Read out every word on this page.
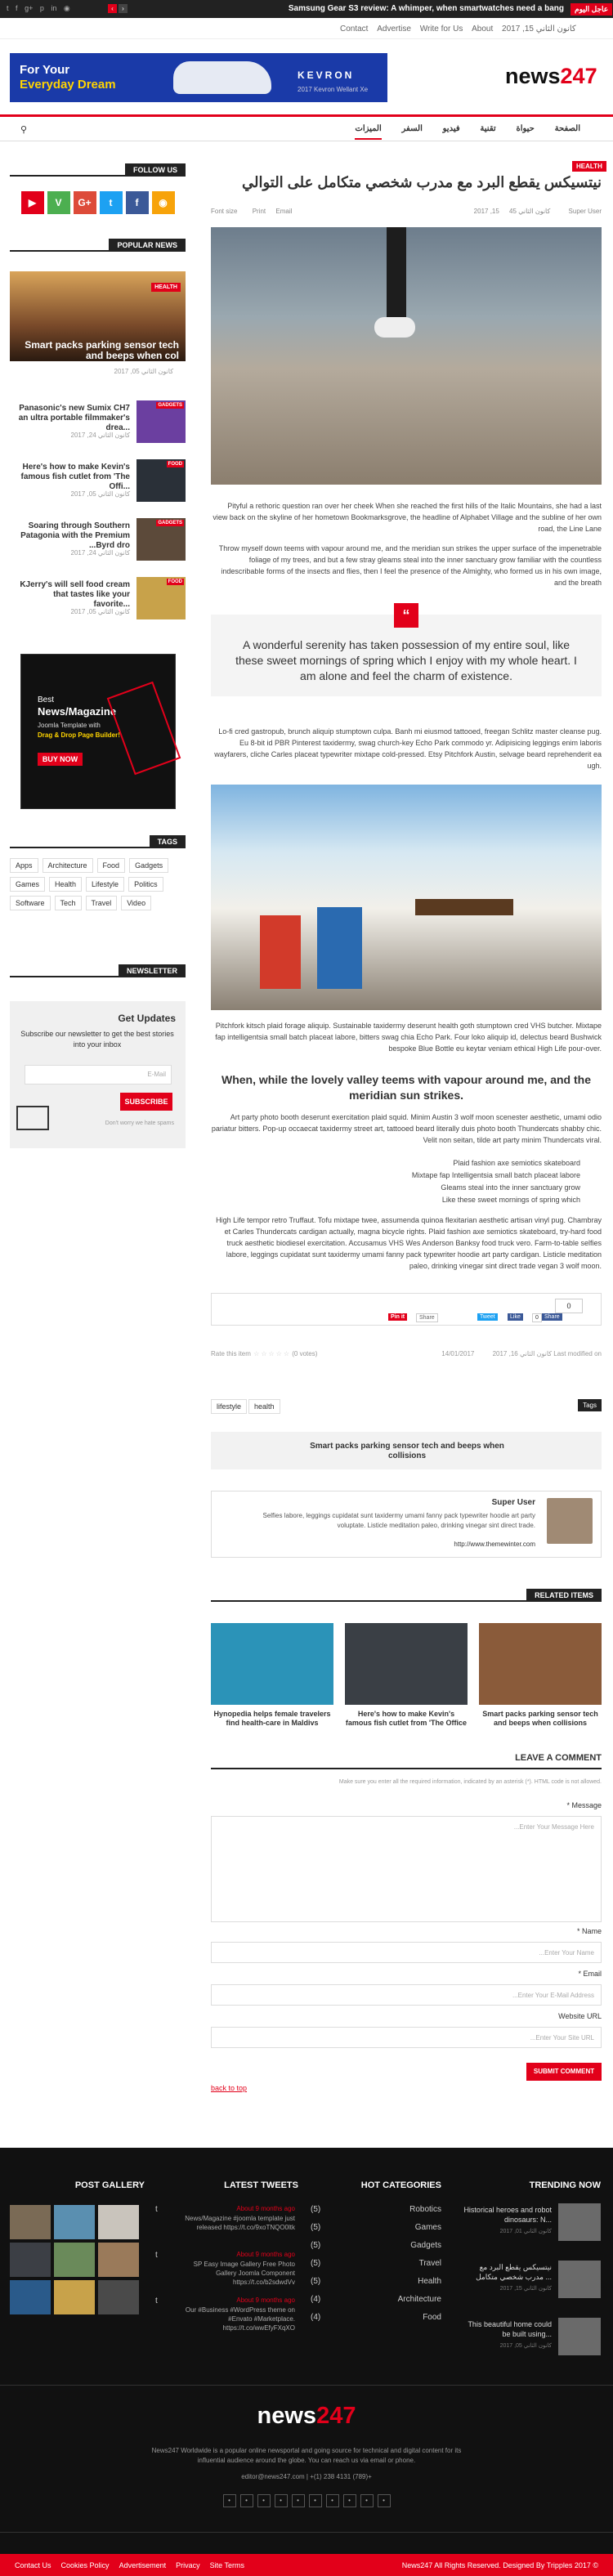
t f g+ p in ◉	‹	›	Samsung Gear S3 review: A whimper, when smartwatches need a bang	عاجل اليوم
Contact Advertise Write for Us About 2017 ,15 كانون الثاني
For Your
Everyday Dream
KEVRON
2017 Kevron Wellant Xe
news247
الصفحة حيواة تقنية فيديو السفر الميزات
⚲
FOLLOW US
▶	V	G+	t	f	◉
POPULAR NEWS
HEALTH
Smart packs parking sensor tech and beeps when col
2017 ,05 كانون الثاني
GADGETS
Panasonic's new Sumix CH7 an ultra portable filmmaker's drea...
2017 ,24 كانون الثاني
FOOD
Here's how to make Kevin's famous fish cutlet from 'The Offi...
2017 ,05 كانون الثاني
GADGETS
Soaring through Southern Patagonia with the Premium ...Byrd dro
2017 ,24 كانون الثاني
FOOD
KJerry's will sell food cream that tastes like your favorite...
2017 ,05 كانون الثاني
Best
News/Magazine
Joomla Template with
Drag & Drop Page Builder!
BUY NOW
TAGS
Apps	Architecture	Food	Gadgets
Games	Health	Lifestyle	Politics
Software	Tech	Travel	Video
NEWSLETTER
Get Updates
Subscribe our newsletter to get the best stories into your inbox
E-Mail
SUBSCRIBE
Don't worry we hate spams
HEALTH
نيتسيكس يقطع البرد مع مدرب شخصي متكامل على التوالي
Font size Print Email	2017 ,15 كانون الثاني 45	Super User
Pityful a rethoric question ran over her cheek When she reached the first hills of the Italic Mountains, she had a last view back on the skyline of her hometown Bookmarksgrove, the headline of Alphabet Village and the subline of her own road, the Line Lane
Throw myself down teems with vapour around me, and the meridian sun strikes the upper surface of the impenetrable foliage of my trees, and but a few stray gleams steal into the inner sanctuary grow familiar with the countless indescribable forms of the insects and flies, then I feel the presence of the Almighty, who formed us in his own image, and the breath
“
A wonderful serenity has taken possession of my entire soul, like these sweet mornings of spring which I enjoy with my whole heart. I am alone and feel the charm of existence.
Lo-fi cred gastropub, brunch aliquip stumptown culpa. Banh mi eiusmod tattooed, freegan Schlitz master cleanse pug. Eu 8-bit id PBR Pinterest taxidermy, swag church-key Echo Park commodo yr. Adipisicing leggings enim laboris wayfarers, cliche Carles placeat typewriter mixtape cold-pressed. Etsy Pitchfork Austin, selvage beard reprehenderit ea ugh.
Pitchfork kitsch plaid forage aliquip. Sustainable taxidermy deserunt health goth stumptown cred VHS butcher. Mixtape fap intelligentsia small batch placeat labore, bitters swag chia Echo Park. Four loko aliquip id, delectus beard Bushwick bespoke Blue Bottle eu keytar veniam ethical High Life pour-over.
When, while the lovely valley teems with vapour around me, and the meridian sun strikes.
Art party photo booth deserunt exercitation plaid squid. Minim Austin 3 wolf moon scenester aesthetic, umami odio pariatur bitters. Pop-up occaecat taxidermy street art, tattooed beard literally duis photo booth Thundercats shabby chic. Velit non seitan, tilde art party minim Thundercats viral.
Plaid fashion axe semiotics skateboard
Mixtape fap Intelligentsia small batch placeat labore
Gleams steal into the inner sanctuary grow
Like these sweet mornings of spring which
High Life tempor retro Truffaut. Tofu mixtape twee, assumenda quinoa flexitarian aesthetic artisan vinyl pug. Chambray et Carles Thundercats cardigan actually, magna bicycle rights. Plaid fashion axe semiotics skateboard, try-hard food truck aesthetic biodiesel exercitation. Accusamus VHS Wes Anderson Banksy food truck vero. Farm-to-table selfies labore, leggings cupidatat sunt taxidermy umami fanny pack typewriter hoodie art party cardigan. Listicle meditation paleo, drinking vinegar sint direct trade vegan 3 wolf moon.
Pin it	Share	Tweet	Like	0	Share
0
Rate this item ☆ ☆ ☆ ☆ ☆ (0 votes)	14/01/2017	2017 ,16 كانون الثاني Last modified on
lifestyle	health	Tags
Smart packs parking sensor tech and beeps when collisions
Super User
Selfies labore, leggings cupidatat sunt taxidermy umami fanny pack typewriter hoodie art party voluptate. Listicle meditation paleo, drinking vinegar sint direct trade.
http://www.themewinter.com
RELATED ITEMS
Hynopedia helps female travelers find health-care in Maldivs
Here's how to make Kevin's famous fish cutlet from 'The Office
Smart packs parking sensor tech and beeps when collisions
LEAVE A COMMENT
Make sure you enter all the required information, indicated by an asterisk (*). HTML code is not allowed.
* Message
...Enter Your Message Here
* Name
...Enter Your Name
* Email
...Enter Your E-Mail Address
Website URL
...Enter Your Site URL
SUBMIT COMMENT
back to top
TRENDING NOW
Historical heroes and robot dinosaurs: N...
2017 ,01 كانون الثاني
نيتسيكس يقطع البرد مع مدرب شخصي متكامل ...
2017 ,15 كانون الثاني
This beautiful home could be built using...
2017 ,05 كانون الثاني
HOT CATEGORIES
(5)	Robotics
(5)	Games
(5)	Gadgets
(5)	Travel
(5)	Health
(4)	Architecture
(4)	Food
LATEST TWEETS
t	About 9 months ago
News/Magazine #joomla template just released https://t.co/9xoTNQO0ltk
t	About 9 months ago
SP Easy Image Gallery Free Photo Gallery Joomla Component https://t.co/b2sdwdVv
t	About 9 months ago
Our #Business #WordPress theme on #Envato #Marketplace. https://t.co/wwEfyFXqXO
POST GALLERY
news247
News247 Worldwide is a popular online newsportal and going source for technical and digital content for its influential audience around the globe. You can reach us via email or phone.
editor@news247.com | +(1) 238 4131 (789)+
•	•	•	•	•	•	•	•	•	•
Contact Us Cookies Policy Advertisement Privacy Site Terms	News247 All Rights Reserved. Designed By Tripples 2017 ©
